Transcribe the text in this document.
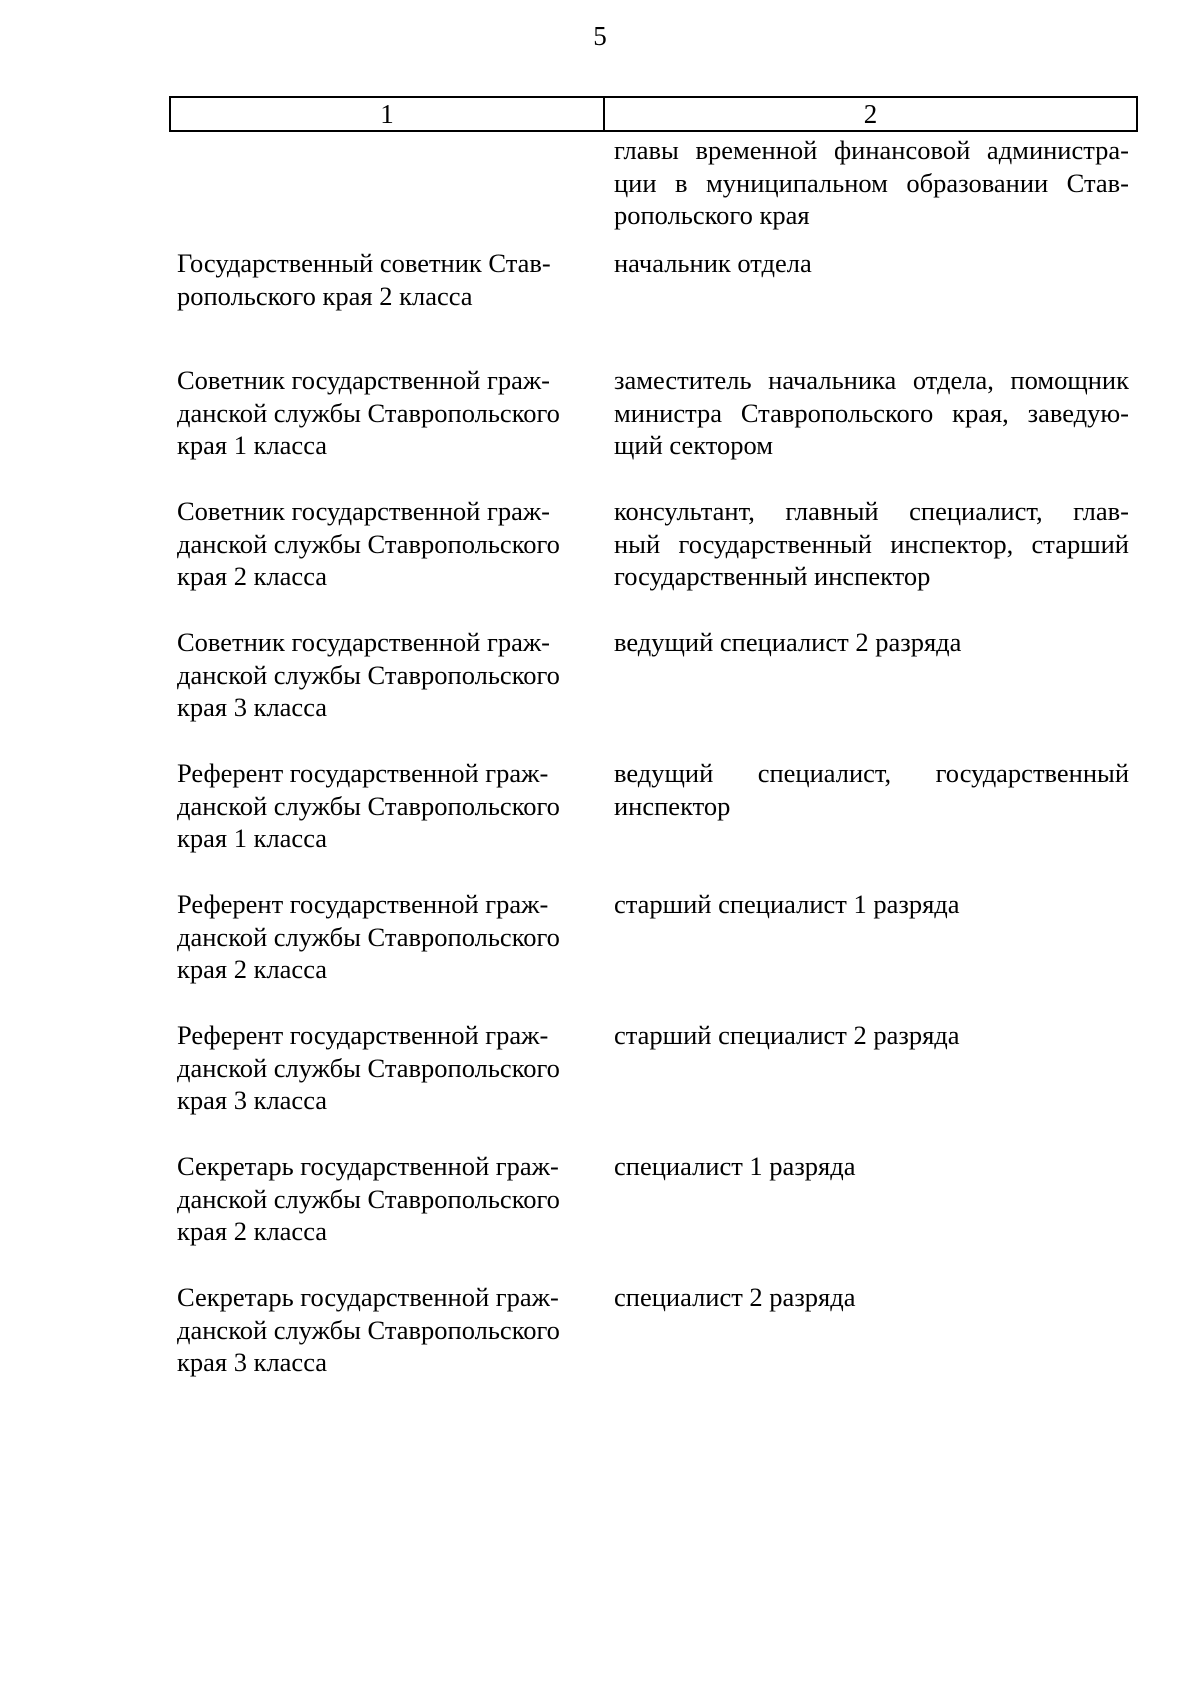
5
1	2
главы временной финансовой администра-
ции в муниципальном образовании Став-
ропольского края
Государственный советник Став-
ропольского края 2 класса
начальник отдела
Советник государственной граж-
данской службы Ставропольского
края 1 класса
заместитель начальника отдела, помощник
министра Ставропольского края, заведую-
щий сектором
Советник государственной граж-
данской службы Ставропольского
края 2 класса
консультант, главный специалист, глав-
ный государственный инспектор, старший
государственный инспектор
Советник государственной граж-
данской службы Ставропольского
края 3 класса
ведущий специалист 2 разряда
Референт государственной граж-
данской службы Ставропольского
края 1 класса
ведущий специалист, государственный
инспектор
Референт государственной граж-
данской службы Ставропольского
края 2 класса
старший специалист 1 разряда
Референт государственной граж-
данской службы Ставропольского
края 3 класса
старший специалист 2 разряда
Секретарь государственной граж-
данской службы Ставропольского
края 2 класса
специалист 1 разряда
Секретарь государственной граж-
данской службы Ставропольского
края 3 класса
специалист 2 разряда
